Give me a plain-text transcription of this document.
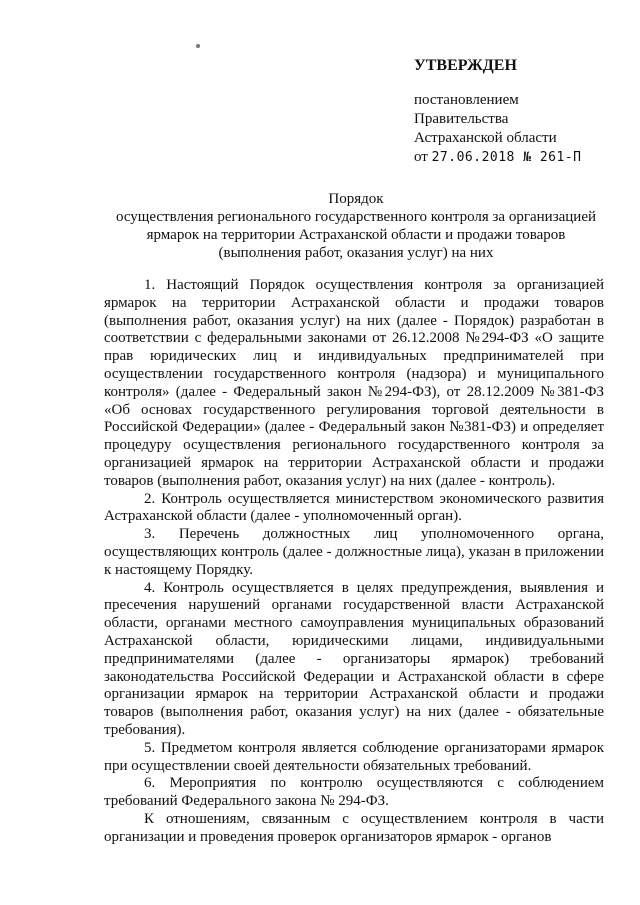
УТВЕРЖДЕН
постановлением
Правительства
Астраханской области
от 27.06.2018 № 261-П
Порядок
осуществления регионального государственного контроля за организацией
ярмарок на территории Астраханской области и продажи товаров
(выполнения работ, оказания услуг) на них

1. Настоящий Порядок осуществления контроля за организацией ярмарок на территории Астраханской области и продажи товаров (выполнения работ, оказания услуг) на них (далее - Порядок) разработан в соответствии с федеральными законами от 26.12.2008 №294-ФЗ «О защите прав юридических лиц и индивидуальных предпринимателей при осуществлении государственного контроля (надзора) и муниципального контроля» (далее - Федеральный закон №294-ФЗ), от 28.12.2009 №381-ФЗ «Об основах государственного регулирования торговой деятельности в Российской Федерации» (далее - Федеральный закон №381-ФЗ) и определяет процедуру осуществления регионального государственного контроля за организацией ярмарок на территории Астраханской области и продажи товаров (выполнения работ, оказания услуг) на них (далее - контроль).

2. Контроль осуществляется министерством экономического развития Астраханской области (далее - уполномоченный орган).

3. Перечень должностных лиц уполномоченного органа, осуществляющих контроль (далее - должностные лица), указан в приложении к настоящему Порядку.

4. Контроль осуществляется в целях предупреждения, выявления и пресечения нарушений органами государственной власти Астраханской области, органами местного самоуправления муниципальных образований Астраханской области, юридическими лицами, индивидуальными предпринимателями (далее - организаторы ярмарок) требований законодательства Российской Федерации и Астраханской области в сфере организации ярмарок на территории Астраханской области и продажи товаров (выполнения работ, оказания услуг) на них (далее - обязательные требования).

5. Предметом контроля является соблюдение организаторами ярмарок при осуществлении своей деятельности обязательных требований.

6. Мероприятия по контролю осуществляются с соблюдением требований Федерального закона № 294-ФЗ.

К отношениям, связанным с осуществлением контроля в части организации и проведения проверок организаторов ярмарок - органов
